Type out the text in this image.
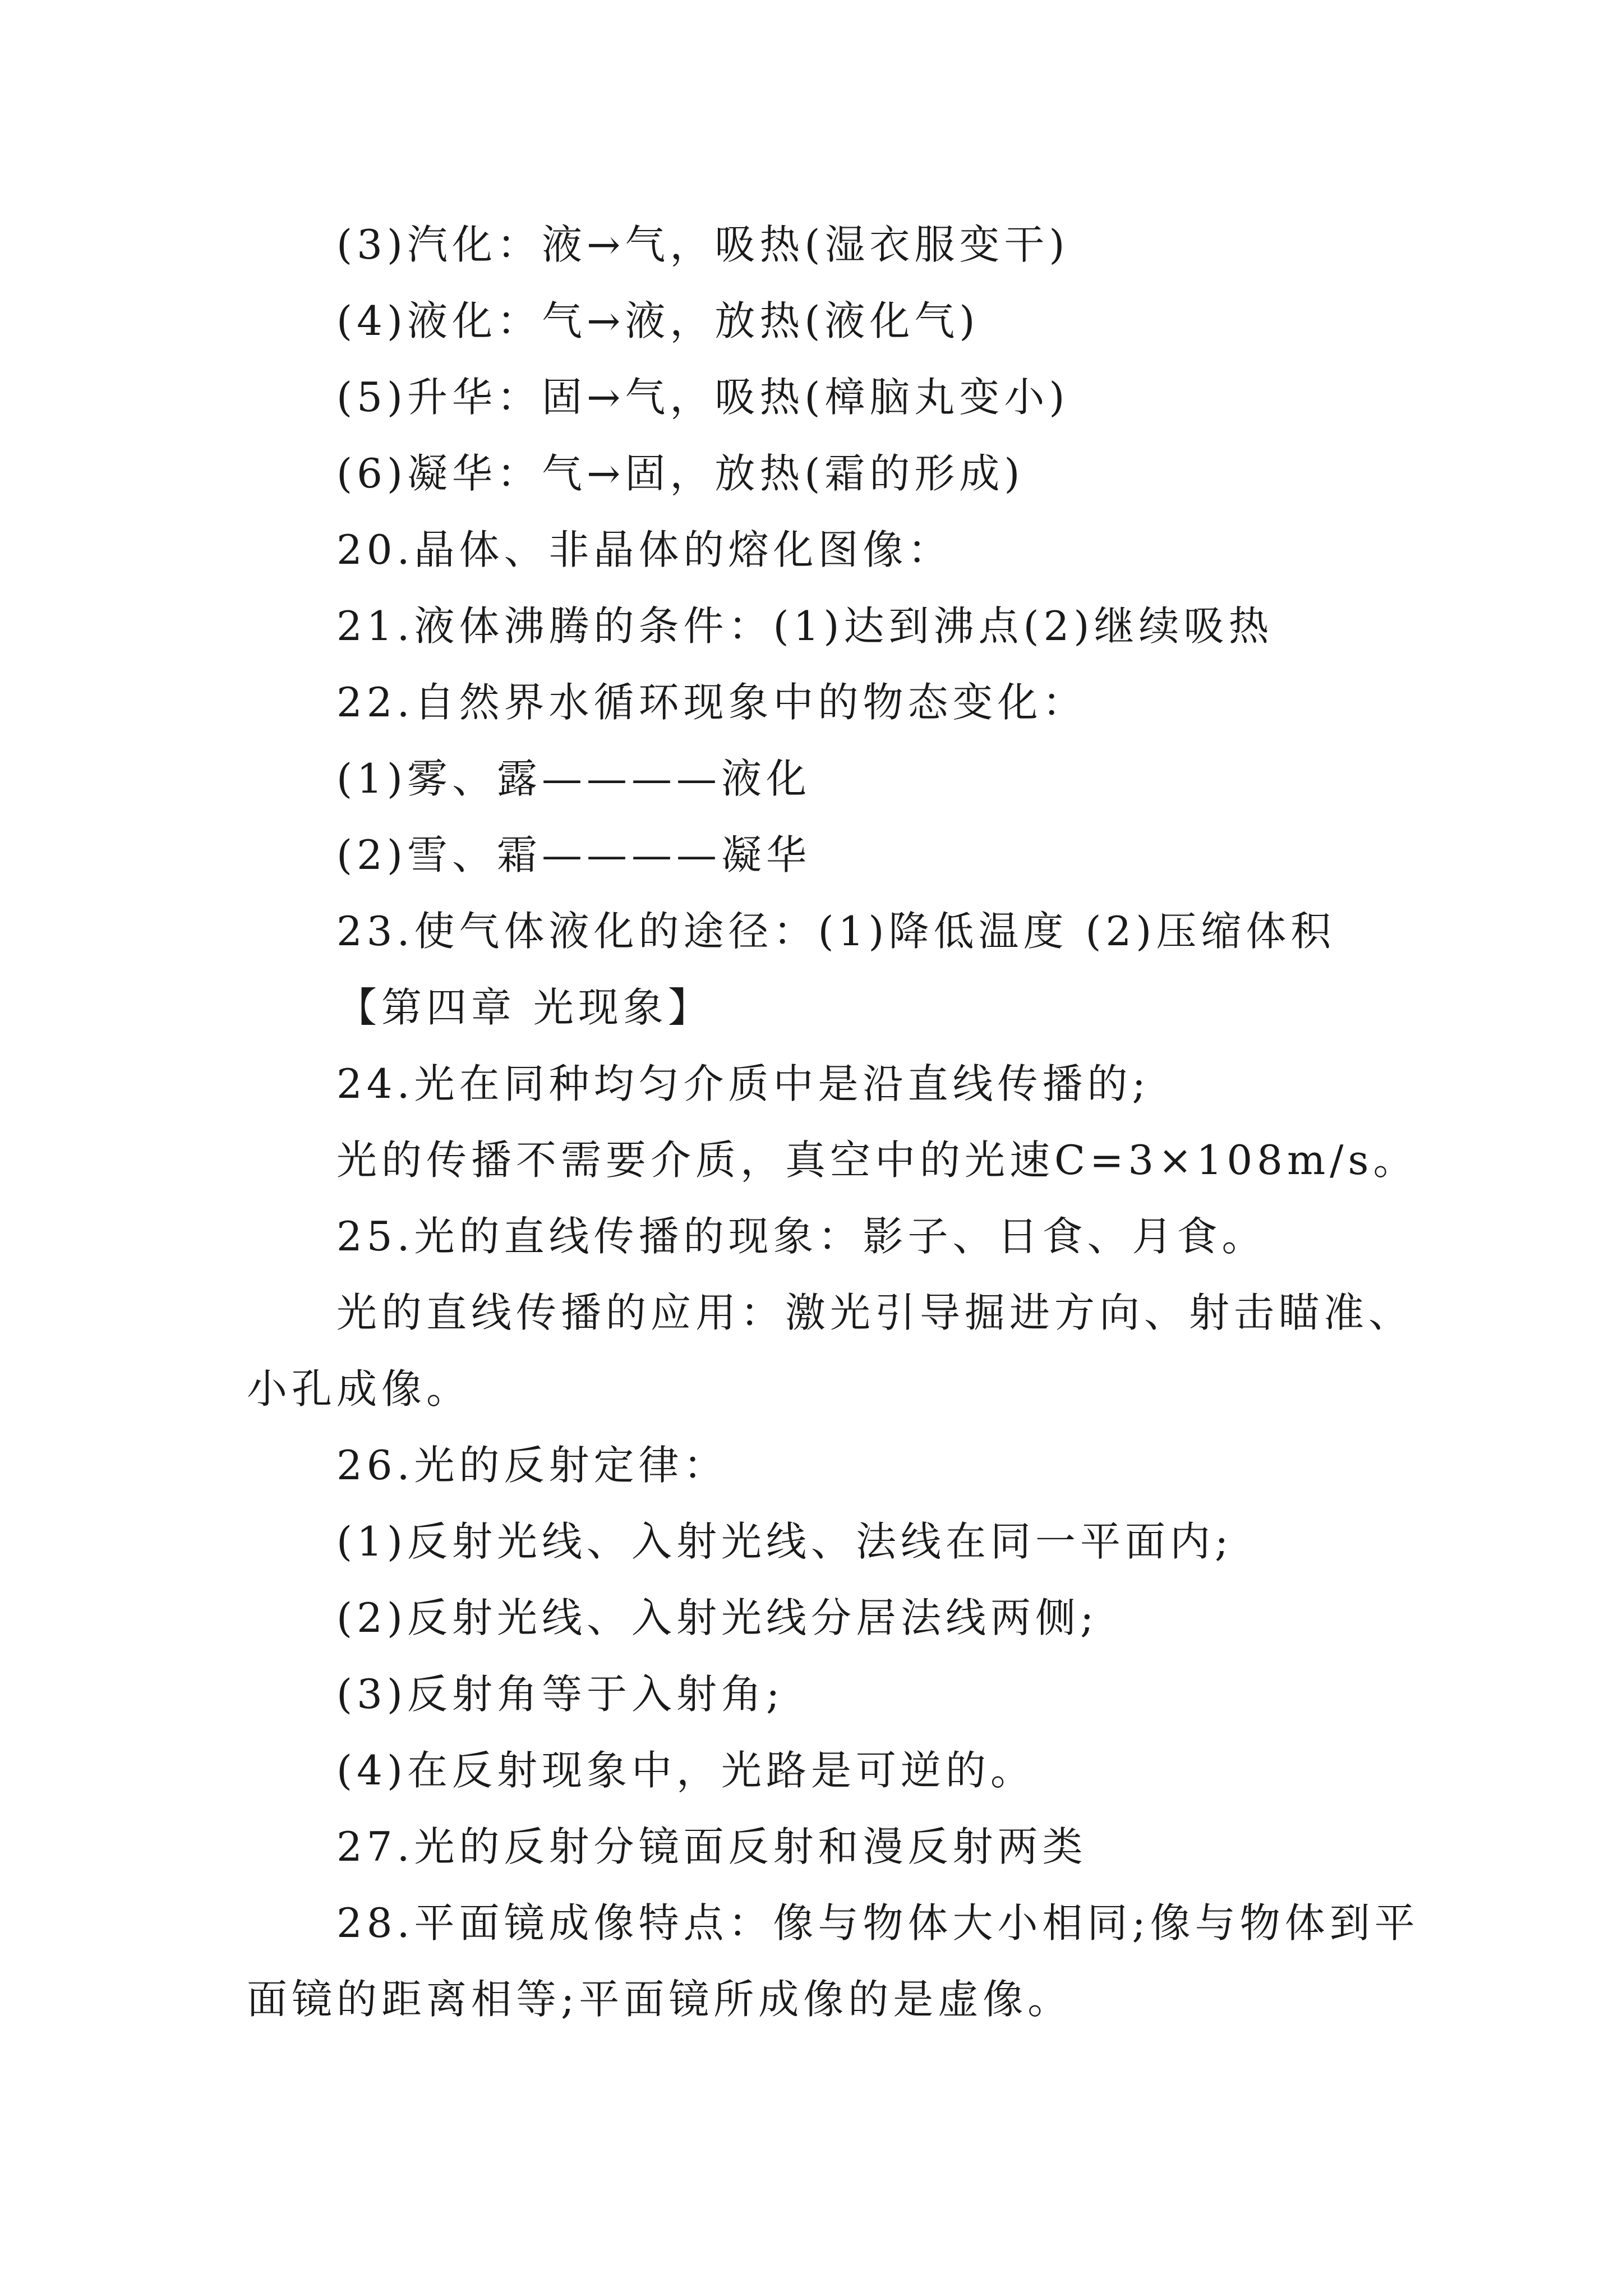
(3)汽化：液→气，吸热(湿衣服变干)
(4)液化：气→液，放热(液化气)
(5)升华：固→气，吸热(樟脑丸变小)
(6)凝华：气→固，放热(霜的形成)
20.晶体、非晶体的熔化图像：
21.液体沸腾的条件：(1)达到沸点(2)继续吸热
22.自然界水循环现象中的物态变化：
(1)雾、露————液化
(2)雪、霜————凝华
23.使气体液化的途径：(1)降低温度 (2)压缩体积
【第四章 光现象】
24.光在同种均匀介质中是沿直线传播的;
光的传播不需要介质，真空中的光速C=3×108m/s。
25.光的直线传播的现象：影子、日食、月食。
光的直线传播的应用：激光引导掘进方向、射击瞄准、
小孔成像。
26.光的反射定律：
(1)反射光线、入射光线、法线在同一平面内;
(2)反射光线、入射光线分居法线两侧;
(3)反射角等于入射角;
(4)在反射现象中，光路是可逆的。
27.光的反射分镜面反射和漫反射两类
28.平面镜成像特点：像与物体大小相同;像与物体到平
面镜的距离相等;平面镜所成像的是虚像。
